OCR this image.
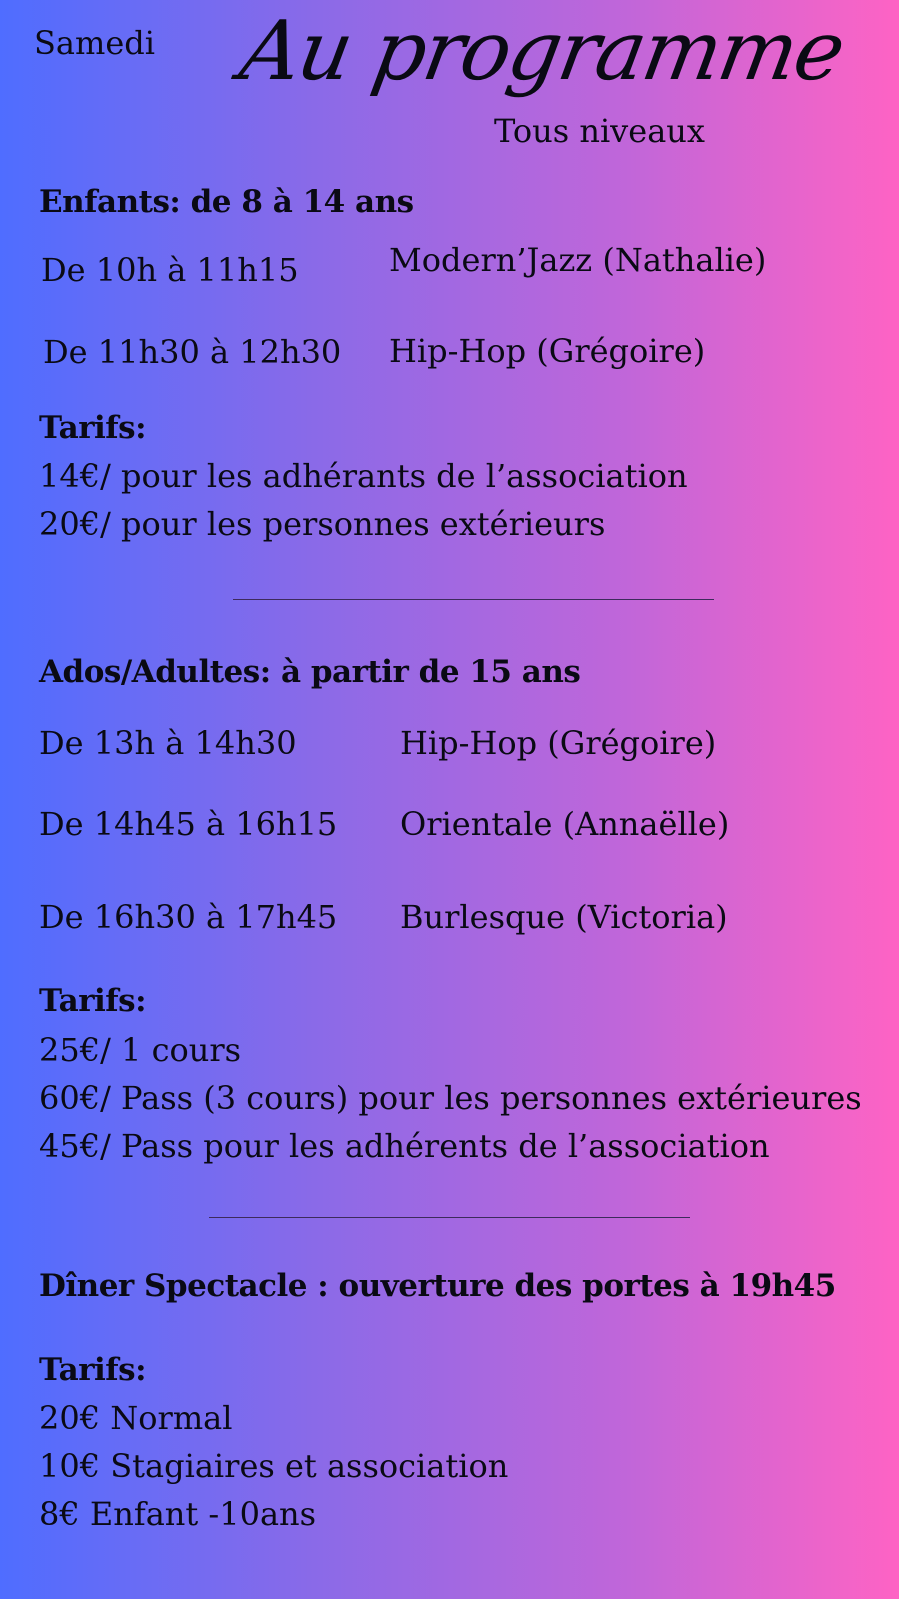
Samedi Au programme
Tous niveaux
Enfants: de 8 à 14 ans
De 10h à 11h15	Modern’Jazz (Nathalie)
De 11h30 à 12h30 Hip-Hop (Grégoire)
Tarifs:
14€/ pour les adhérants de l’association
20€/ pour les personnes extérieurs
Ados/Adultes: à partir de 15 ans
De 13h à 14h30	Hip-Hop (Grégoire)
De 14h45 à 16h15 Orientale (Annaëlle)
De 16h30 à 17h45 Burlesque (Victoria)
Tarifs:
25€/ 1 cours
60€/ Pass (3 cours) pour les personnes extérieures
45€/ Pass pour les adhérents de l’association
Dîner Spectacle : ouverture des portes à 19h45
Tarifs:
20€ Normal
10€ Stagiaires et association
8€ Enfant -10ans
